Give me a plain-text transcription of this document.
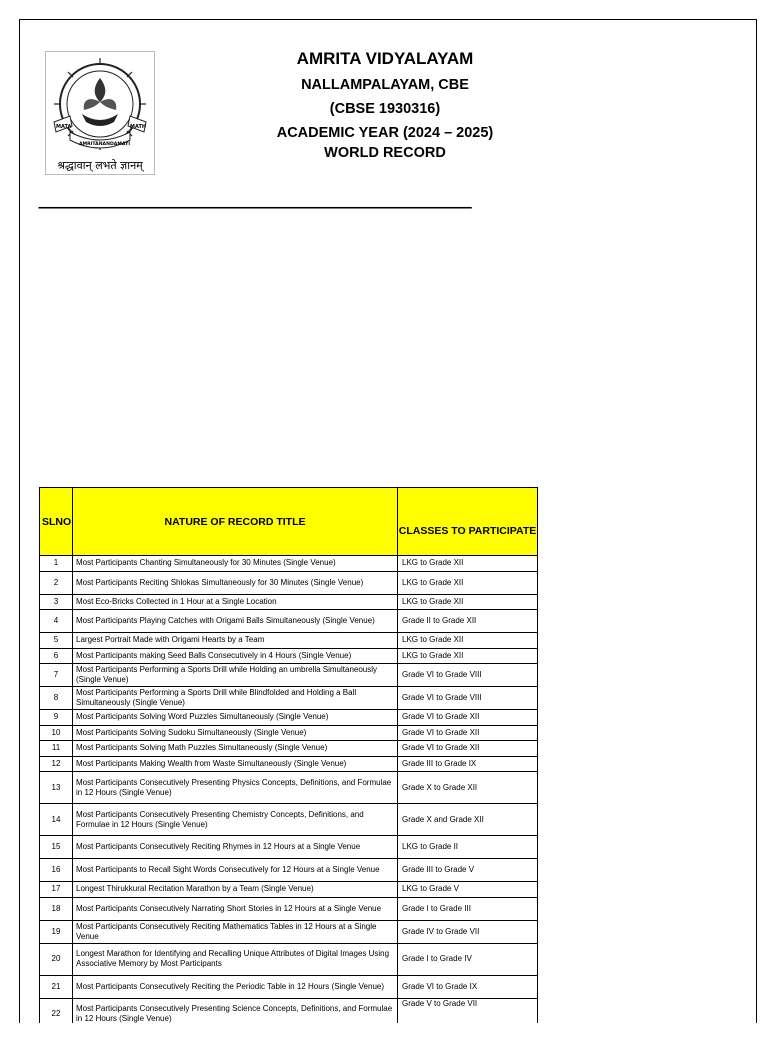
MATA	MATH
AMRITANANDAMAYI
श्रद्धावान् लभते ज्ञानम्
AMRITA VIDYALAYAM
NALLAMPALAYAM, CBE
(CBSE 1930316)
ACADEMIC YEAR (2024 – 2025)
WORLD RECORD
---------------------------------------------------------------------------------------------------------------------------------------------------------
SLNO	NATURE OF RECORD TITLE	CLASSES TO PARTICIPATE
1	Most Participants Chanting Simultaneously for 30 Minutes (Single Venue)	LKG to Grade XII
2	Most Participants Reciting Shlokas Simultaneously for 30 Minutes (Single Venue)	LKG to Grade XII
3	Most Eco-Bricks Collected in 1 Hour at a Single Location	LKG to Grade XII
4	Most Participants Playing Catches with Origami Balls Simultaneously (Single Venue)	Grade II to Grade XII
5	Largest Portrait Made with Origami Hearts by a Team	LKG to Grade XII
6	Most Participants making Seed Balls Consecutively in 4 Hours (Single Venue)	LKG to Grade XII
7	Most Participants Performing a Sports Drill while Holding an umbrella Simultaneously (Single Venue)	Grade VI to Grade VIII
8	Most Participants Performing a Sports Drill while Blindfolded and Holding a Ball Simultaneously (Single Venue)	Grade VI to Grade VIII
9	Most Participants Solving Word Puzzles Simultaneously (Single Venue)	Grade VI to Grade XII
10	Most Participants Solving Sudoku Simultaneously (Single Venue)	Grade VI to Grade XII
11	Most Participants Solving Math Puzzles Simultaneously (Single Venue)	Grade VI to Grade XII
12	Most Participants Making Wealth from Waste Simultaneously (Single Venue)	Grade III to Grade IX
13	Most Participants Consecutively Presenting Physics Concepts, Definitions, and Formulae in 12 Hours (Single Venue)	Grade X to Grade XII
14	Most Participants Consecutively Presenting Chemistry Concepts, Definitions, and Formulae in 12 Hours (Single Venue)	Grade X and Grade XII
15	Most Participants Consecutively Reciting Rhymes in 12 Hours at a Single Venue	LKG to Grade II
16	Most Participants to Recall Sight Words Consecutively for 12 Hours at a Single Venue	Grade III to Grade V
17	Longest Thirukkural Recitation Marathon by a Team (Single Venue)	LKG to Grade V
18	Most Participants Consecutively Narrating Short Stories in 12 Hours at a Single Venue	Grade I to Grade III
19	Most Participants Consecutively Reciting Mathematics Tables in 12 Hours at a Single Venue	Grade IV to Grade VII
20	Longest Marathon for Identifying and Recalling Unique Attributes of Digital Images Using Associative Memory by Most Participants	Grade I to Grade IV
21	Most Participants Consecutively Reciting the Periodic Table in 12 Hours (Single Venue)	Grade VI to Grade IX
22	Most Participants Consecutively Presenting Science Concepts, Definitions, and Formulae in 12 Hours (Single Venue)	Grade V to Grade VII
